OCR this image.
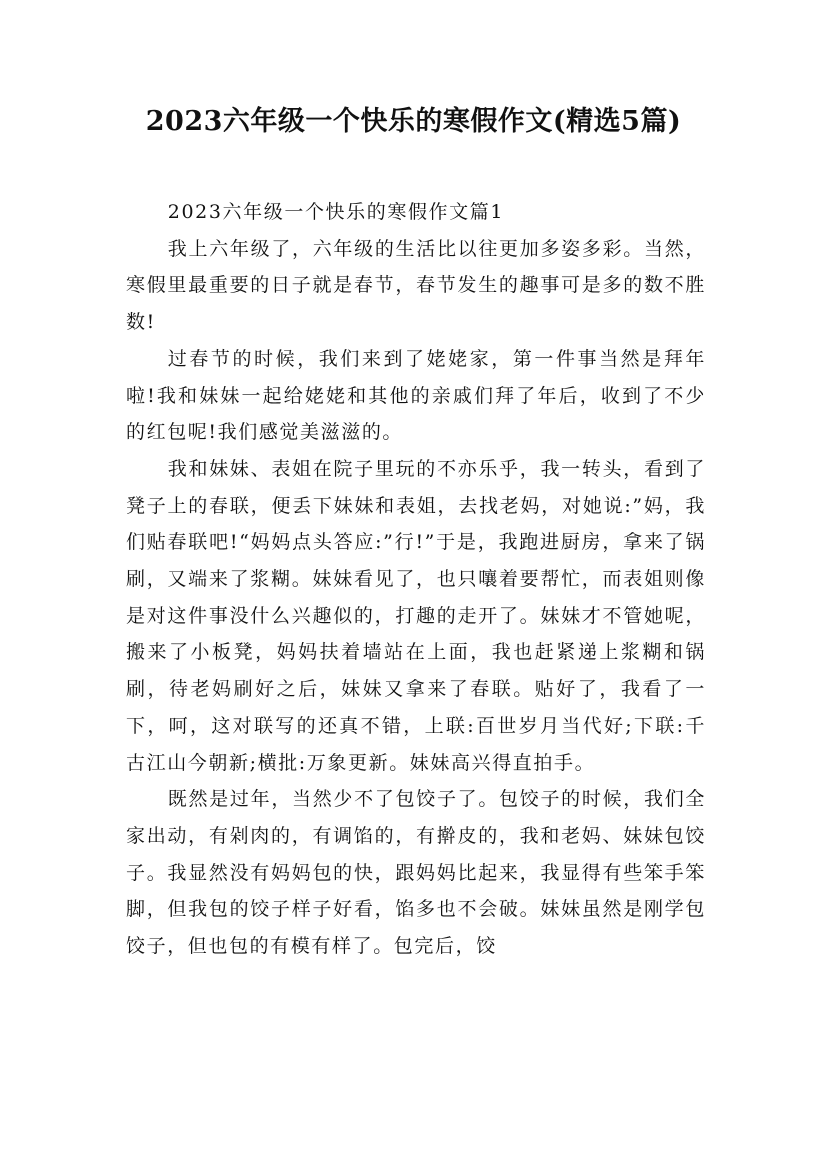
2023六年级一个快乐的寒假作文(精选5篇)

2023六年级一个快乐的寒假作文篇1

我上六年级了，六年级的生活比以往更加多姿多彩。当然，寒假里最重要的日子就是春节，春节发生的趣事可是多的数不胜数!

过春节的时候，我们来到了姥姥家，第一件事当然是拜年啦!我和妹妹一起给姥姥和其他的亲戚们拜了年后，收到了不少的红包呢!我们感觉美滋滋的。

我和妹妹、表姐在院子里玩的不亦乐乎，我一转头，看到了凳子上的春联，便丢下妹妹和表姐，去找老妈，对她说:”妈，我们贴春联吧!“妈妈点头答应:”行!”于是，我跑进厨房，拿来了锅刷，又端来了浆糊。妹妹看见了，也只嚷着要帮忙，而表姐则像是对这件事没什么兴趣似的，打趣的走开了。妹妹才不管她呢，搬来了小板凳，妈妈扶着墙站在上面，我也赶紧递上浆糊和锅刷，待老妈刷好之后，妹妹又拿来了春联。贴好了，我看了一下，呵，这对联写的还真不错，上联:百世岁月当代好;下联:千古江山今朝新;横批:万象更新。妹妹高兴得直拍手。

既然是过年，当然少不了包饺子了。包饺子的时候，我们全家出动，有剁肉的，有调馅的，有擀皮的，我和老妈、妹妹包饺子。我显然没有妈妈包的快，跟妈妈比起来，我显得有些笨手笨脚，但我包的饺子样子好看，馅多也不会破。妹妹虽然是刚学包饺子，但也包的有模有样了。包完后，饺
